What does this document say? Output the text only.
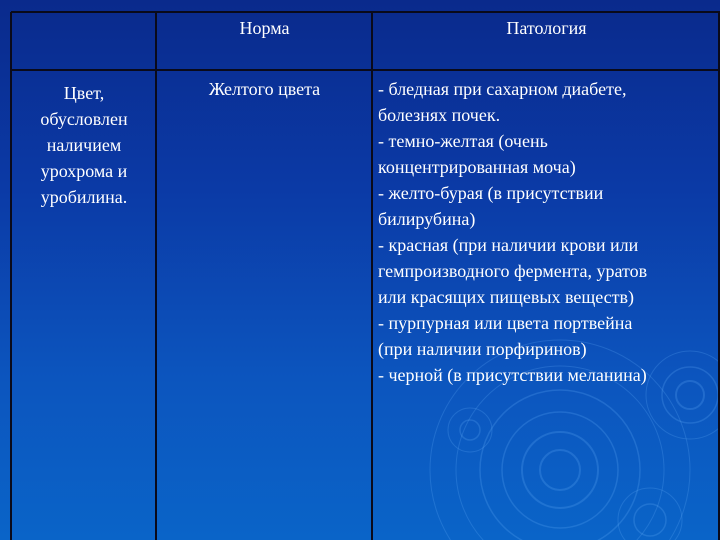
Норма	Патология
Цвет,
обусловлен
наличием
урохрома и
уробилина.
Желтого цвета	- бледная при сахарном диабете,
болезнях почек.
- темно-желтая (очень
концентрированная моча)
- желто-бурая (в присутствии
билирубина)
- красная (при наличии крови или
гемпроизводного фермента, уратов
или красящих пищевых веществ)
- пурпурная или цвета портвейна
(при наличии порфиринов)
- черной (в присутствии меланина)
